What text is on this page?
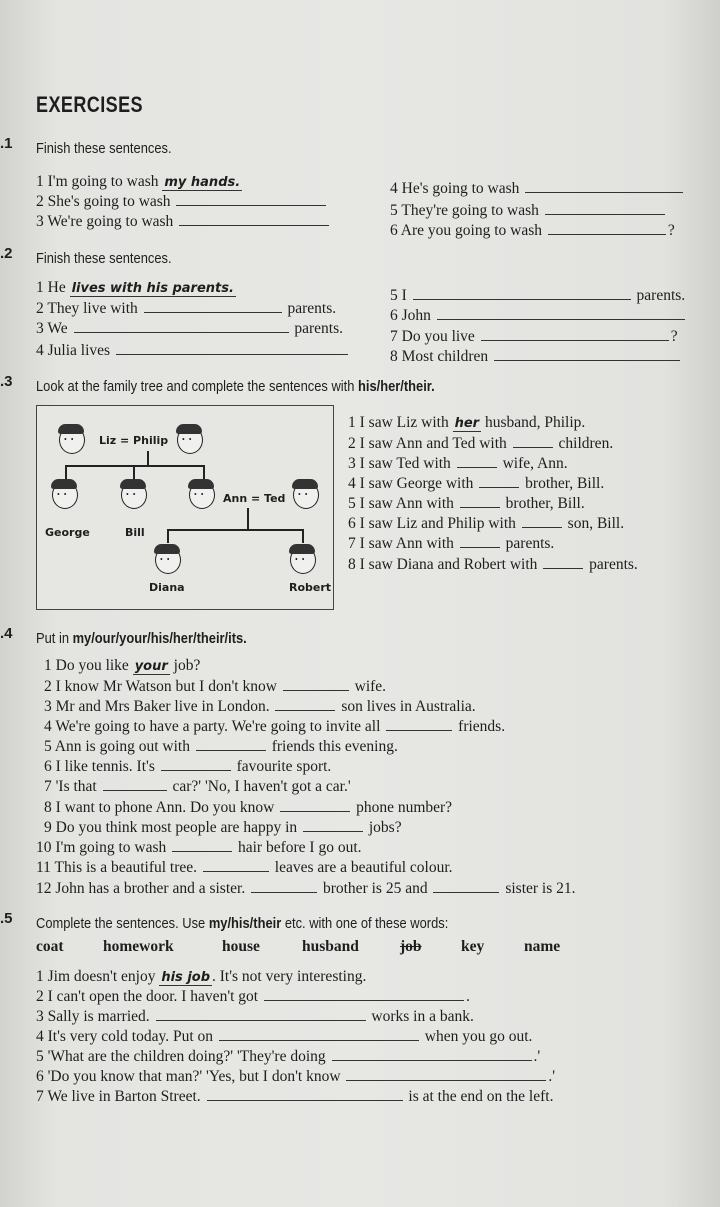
EXERCISES
.1 Finish these sentences.
1 I'm going to wash my hands.
2 She's going to wash
3 We're going to wash
4 He's going to wash
5 They're going to wash
6 Are you going to wash	?
.2 Finish these sentences.
1 He lives with his parents.
2 They live with	parents.
3 We	parents.
4 Julia lives
5 I	parents.
6 John
7 Do you live	?
8 Most children
.3 Look at the family tree and complete the sentences with his/her/their.
• •
Liz = Philip
• •
• •
• •
• •
Ann = Ted
• •
George	Bill
• •
• •
Diana	Robert
1 I saw Liz with her husband, Philip.
2 I saw Ann and Ted with	children.
3 I saw Ted with	wife, Ann.
4 I saw George with	brother, Bill.
5 I saw Ann with	brother, Bill.
6 I saw Liz and Philip with	son, Bill.
7 I saw Ann with	parents.
8 I saw Diana and Robert with	parents.
.4 Put in my/our/your/his/her/their/its.
1 Do you like your job?
2 I know Mr Watson but I don't know	wife.
3 Mr and Mrs Baker live in London.	son lives in Australia.
4 We're going to have a party. We're going to invite all	friends.
5 Ann is going out with	friends this evening.
6 I like tennis. It's	favourite sport.
7 'Is that	car?' 'No, I haven't got a car.'
8 I want to phone Ann. Do you know	phone number?
9 Do you think most people are happy in	jobs?
10 I'm going to wash	hair before I go out.
11 This is a beautiful tree.	leaves are a beautiful colour.
12 John has a brother and a sister.	brother is 25 and	sister is 21.
.5 Complete the sentences. Use my/his/their etc. with one of these words:
coat	homework	house	husband	job	key	name
1 Jim doesn't enjoy his job . It's not very interesting.
2 I can't open the door. I haven't got	.
3 Sally is married.	works in a bank.
4 It's very cold today. Put on	when you go out.
5 'What are the children doing?' 'They're doing	.'
6 'Do you know that man?' 'Yes, but I don't know	.'
7 We live in Barton Street.	is at the end on the left.
